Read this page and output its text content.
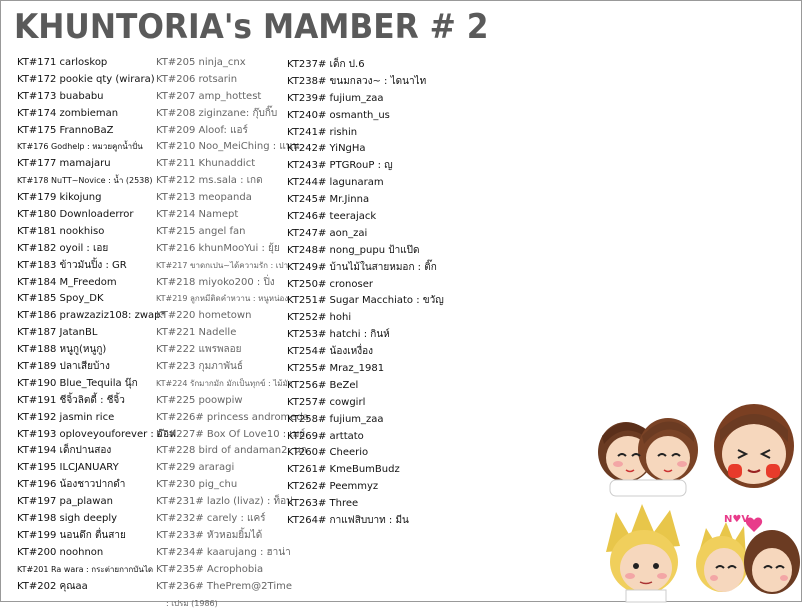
KHUNTORIA's MAMBER # 2
KT#171 carloskop
KT#172 pookie qty (wirara)
KT#173 buababu
KT#174 zombieman
KT#175 FrannoBaZ
KT#176 Godhelp : หมวยคูกน้ำปั่น
KT#177 mamajaru
KT#178 NuTT~Novice : น้ำ (2538)
KT#179 kikojung
KT#180 Downloaderror
KT#181 nookhiso
KT#182 oyoil : เอย
KT#183 ข้าวมันปิ้ง : GR
KT#184 M_Freedom
KT#185 Spoy_DK
KT#186 prawzaziz108: zwap*
KT#187 JatanBL
KT#188 หนูกู(หนูกู)
KT#189 ปลาเสียบ้าง
KT#190 Blue_Tequila นุ๊ก
KT#191 ชีจิ้วลิตดี้ : ชีจิ้ว
KT#192 jasmin rice
KT#193 oploveyouforever : อ๊อฟ
KT#194 เด็กปานสอง
KT#195 ILCJANUARY
KT#196 น้องชาวปากดำ
KT#197 pa_plawan
KT#198 sigh deeply
KT#199 นอนดึก ตื่นสาย
KT#200 noohnon
KT#201 Ra wara : กระต่ายกากบันได
KT#202 คุณaa
KT#205 ninja_cnx
KT#206 rotsarin
KT#207 amp_hottest
KT#208 ziginzane: กุ๊บกิ๊บ
KT#209 Aloof: แอร์
KT#210 Noo_MeiChing : แนน
KT#211 Khunaddict
KT#212 ms.sala : เกด
KT#213 meopanda
KT#214 Namept
KT#215 angel fan
KT#216 khunMooYui : ยุ้ย
KT#217 ขาดกเปน~ได้ความรัก : เปา
KT#218 miyoko200 : ปิ่ง
KT#219 ลูกหมีติดคำหวาน : หนูหน่อง
KT#220 hometown
KT#221 Nadelle
KT#222 แพรพลอย
KT#223 กุมภาพันธ์
KT#224 รักมากมัก มักเป็นทุกข์ : ไม้มัก
KT#225 poowpiw
KT#226# princess andromeda
KT#227# Box Of Love10 : เมย์
KT#228 bird of andaman2: นก
KT#229 araragi
KT#230 pig_chu
KT#231# lazlo (livaz) : ท็อป
KT#232# carely : แคร์
KT#233# หัวหอมยิ้มได้
KT#234# kaarujang : ฮาน่า
KT#235# Acrophobia
KT#236# ThePrem@2Time
: เปรม (1986)
KT237# เด็ก ป.6
KT238# ขนมกลวง~ : ไดนาไท
KT239# fujium_zaa
KT240# osmanth_us
KT241# rishin
KT242# YiNgHa
KT243# PTGRouP : ญ
KT244# lagunaram
KT245# Mr.Jinna
KT246# teerajack
KT247# aon_zai
KT248# nong_pupu ป้าแป๊ด
KT249# บ้านไม้ในสายหมอก : ติ๊ก
KT250# cronoser
KT251# Sugar Macchiato : ขวัญ
KT252# hohi
KT253# hatchi : กินห์
KT254# น้องเหงื่อง
KT255# Mraz_1981
KT256# BeZel
KT257# cowgirl
KT258# fujium_zaa
KT269# arttato
KT260# Cheerio
KT261# KmeBumBudz
KT262# Peemmyz
KT263# Three
KT264# กาแฟสิบบาท : มีน	N♥V
